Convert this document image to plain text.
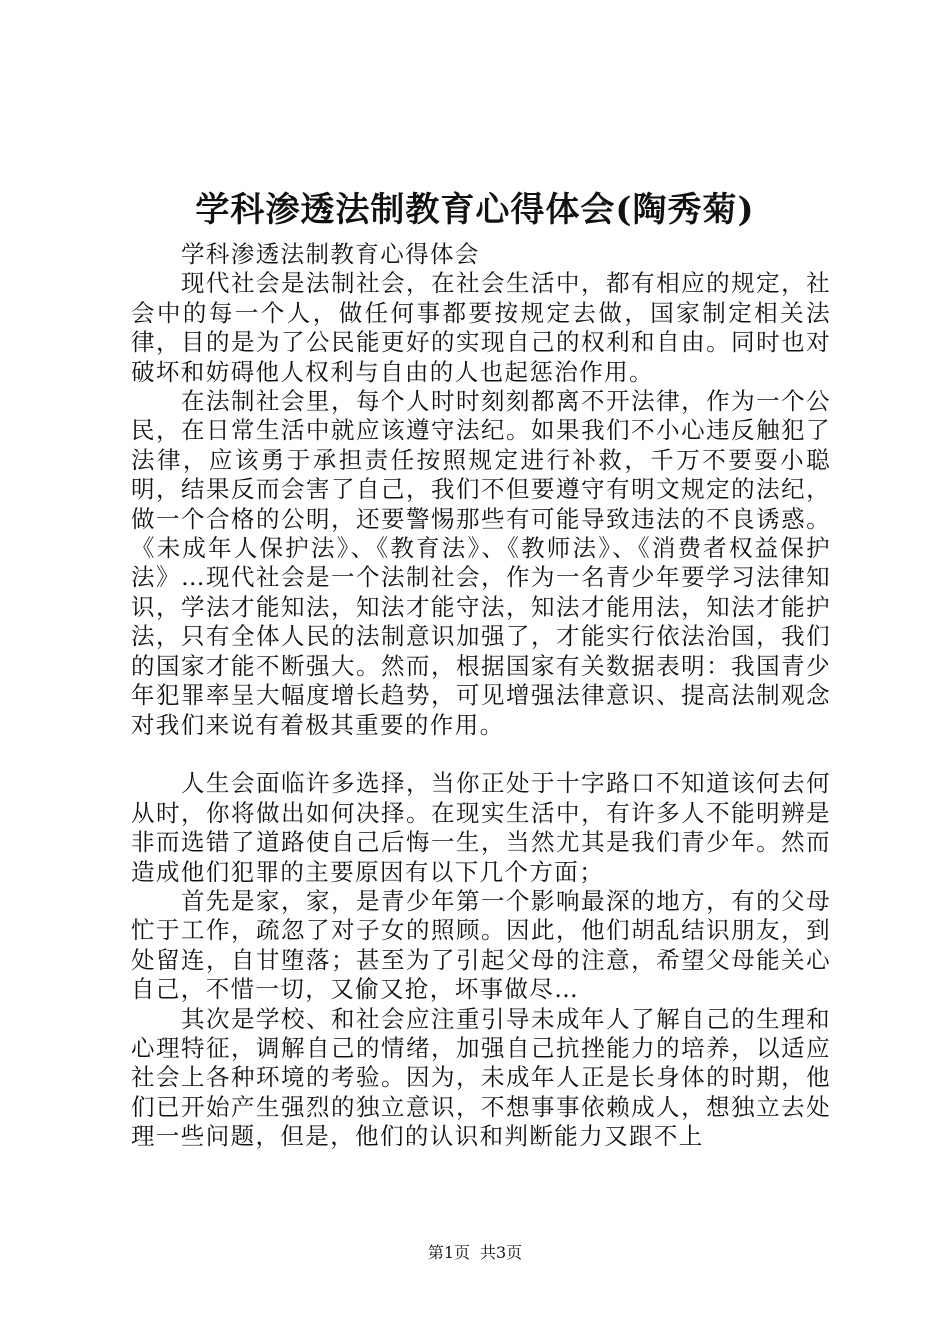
学科渗透法制教育心得体会(陶秀菊)

学科渗透法制教育心得体会

现代社会是法制社会，在社会生活中，都有相应的规定，社会中的每一个人，做任何事都要按规定去做，国家制定相关法律，目的是为了公民能更好的实现自己的权利和自由。同时也对破坏和妨碍他人权利与自由的人也起惩治作用。

在法制社会里，每个人时时刻刻都离不开法律，作为一个公民，在日常生活中就应该遵守法纪。如果我们不小心违反触犯了法律，应该勇于承担责任按照规定进行补救，千万不要耍小聪明，结果反而会害了自己，我们不但要遵守有明文规定的法纪，做一个合格的公明，还要警惕那些有可能导致违法的不良诱惑。《未成年人保护法》、《教育法》、《教师法》、《消费者权益保护法》…现代社会是一个法制社会，作为一名青少年要学习法律知识，学法才能知法，知法才能守法，知法才能用法，知法才能护法，只有全体人民的法制意识加强了，才能实行依法治国，我们的国家才能不断强大。然而，根据国家有关数据表明：我国青少年犯罪率呈大幅度增长趋势，可见增强法律意识、提高法制观念对我们来说有着极其重要的作用。

人生会面临许多选择，当你正处于十字路口不知道该何去何从时，你将做出如何决择。在现实生活中，有许多人不能明辨是非而选错了道路使自己后悔一生，当然尤其是我们青少年。然而造成他们犯罪的主要原因有以下几个方面；

首先是家，家，是青少年第一个影响最深的地方，有的父母忙于工作，疏忽了对子女的照顾。因此，他们胡乱结识朋友，到处留连，自甘堕落；甚至为了引起父母的注意，希望父母能关心自己，不惜一切，又偷又抢，坏事做尽…

其次是学校、和社会应注重引导未成年人了解自己的生理和心理特征，调解自己的情绪，加强自己抗挫能力的培养，以适应社会上各种环境的考验。因为，未成年人正是长身体的时期，他们已开始产生强烈的独立意识，不想事事依赖成人，想独立去处理一些问题，但是，他们的认识和判断能力又跟不上

第1页 共3页
